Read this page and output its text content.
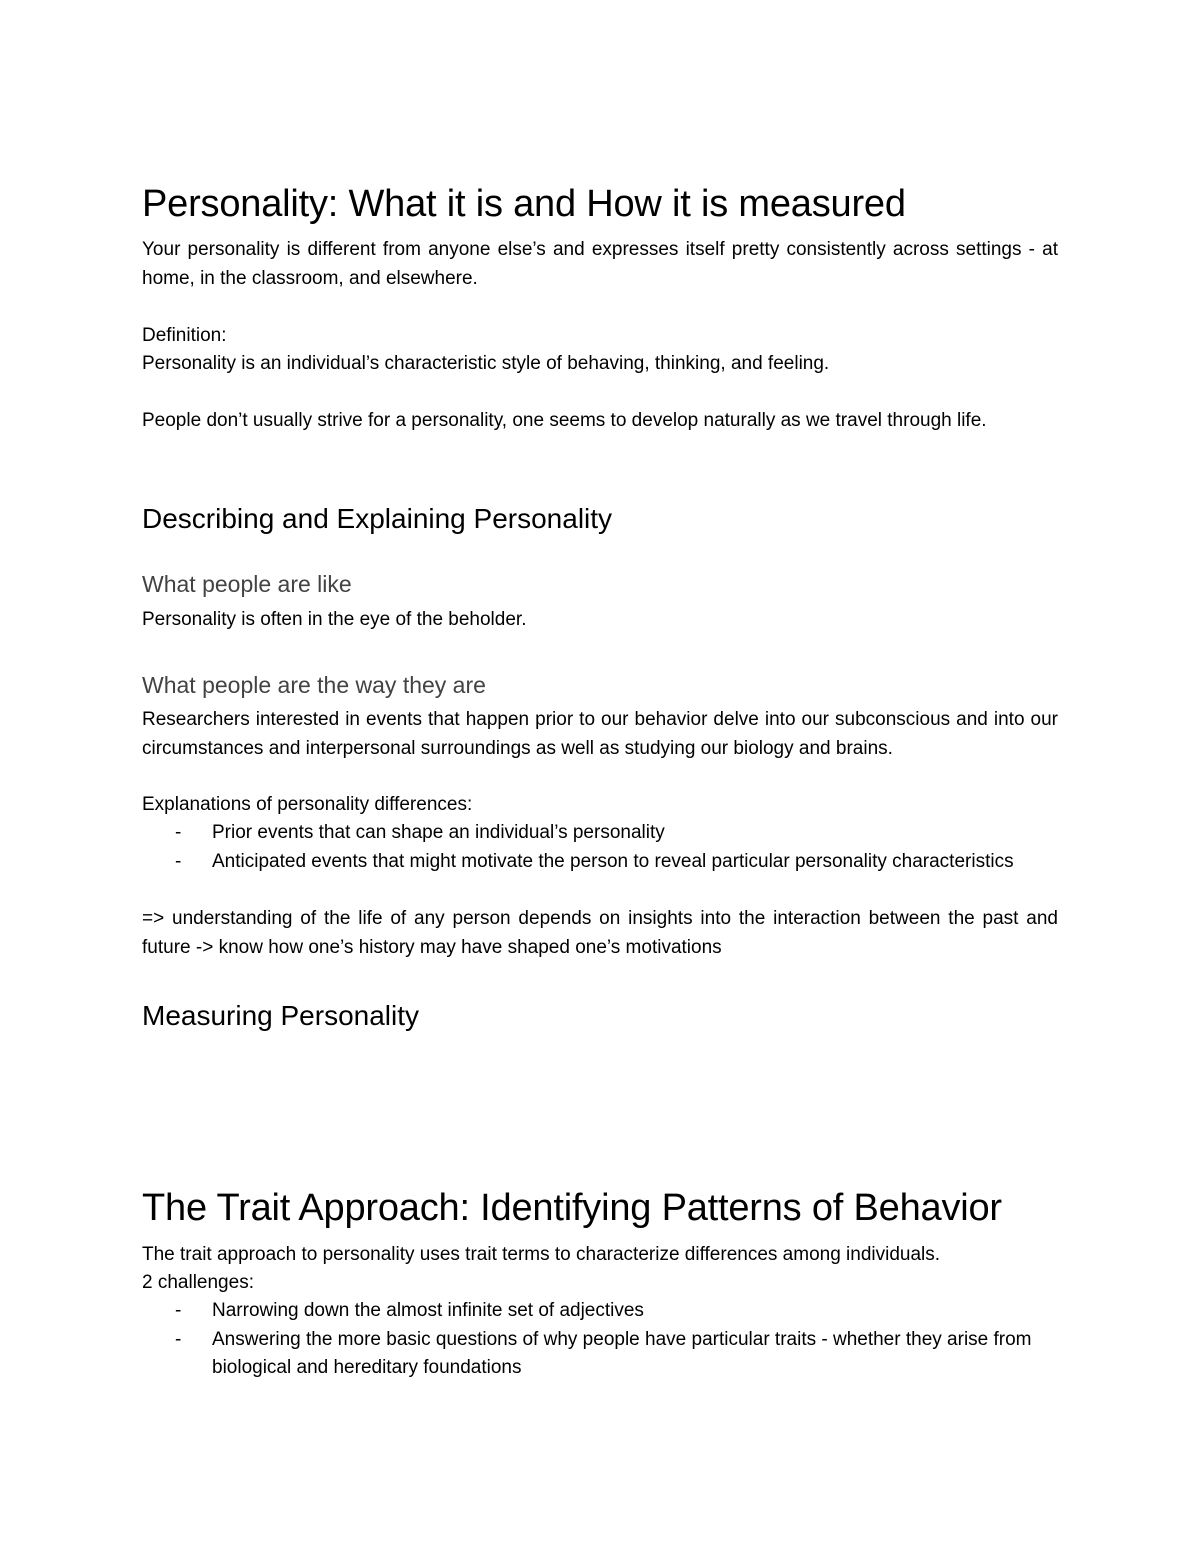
Personality: What it is and How it is measured

Your personality is different from anyone else’s and expresses itself pretty consistently across settings - at home, in the classroom, and elsewhere.

Definition:

Personality is an individual’s characteristic style of behaving, thinking, and feeling.

People don’t usually strive for a personality, one seems to develop naturally as we travel through life.

Describing and Explaining Personality
What people are like

Personality is often in the eye of the beholder.

What people are the way they are

Researchers interested in events that happen prior to our behavior delve into our subconscious and into our circumstances and interpersonal surroundings as well as studying our biology and brains.

Explanations of personality differences:

- Prior events that can shape an individual’s personality
- Anticipated events that might motivate the person to reveal particular personality characteristics

=> understanding of the life of any person depends on insights into the interaction between the past and future -> know how one’s history may have shaped one’s motivations

Measuring Personality
The Trait Approach: Identifying Patterns of Behavior

The trait approach to personality uses trait terms to characterize differences among individuals.

2 challenges:

- Narrowing down the almost infinite set of adjectives
- Answering the more basic questions of why people have particular traits - whether they arise from biological and hereditary foundations
